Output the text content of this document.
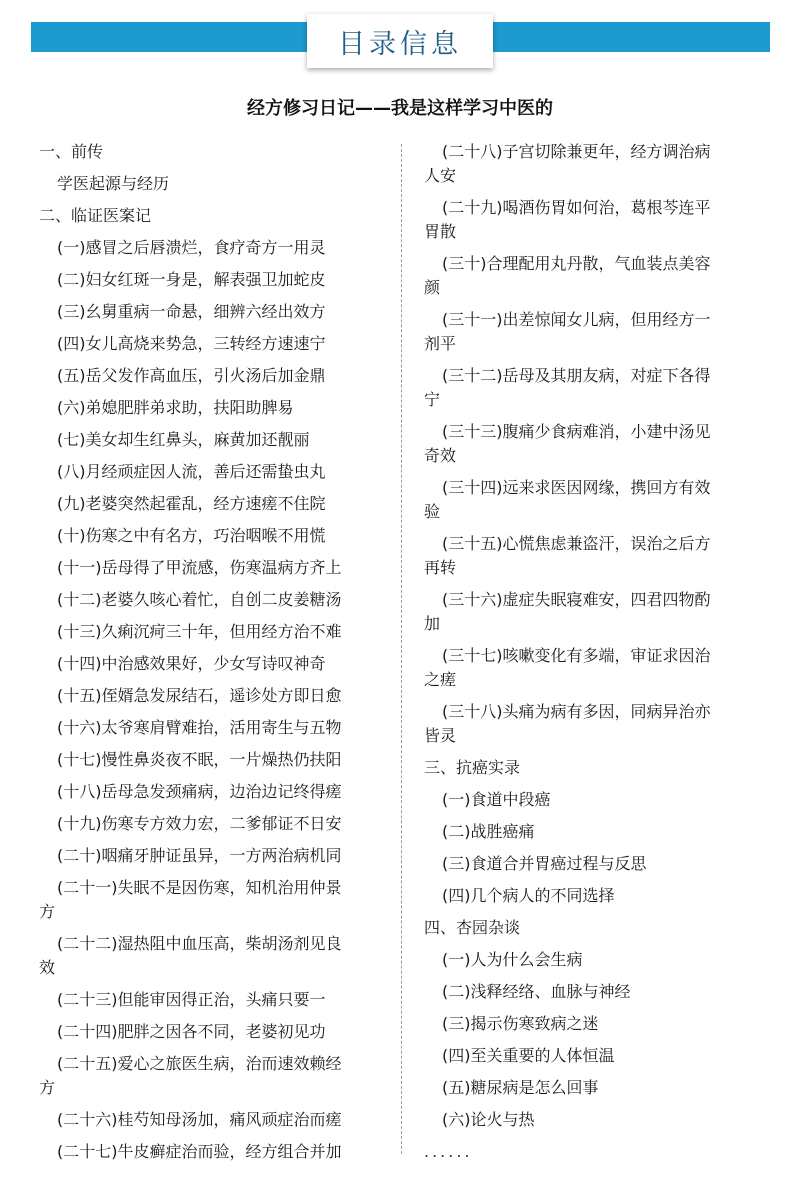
目录信息
经方修习日记——我是这样学习中医的
一、前传
学医起源与经历
二、临证医案记
(一)感冒之后唇溃烂，食疗奇方一用灵
(二)妇女红斑一身是，解表强卫加蛇皮
(三)幺舅重病一命悬，细辨六经出效方
(四)女儿高烧来势急，三转经方速速宁
(五)岳父发作高血压，引火汤后加金鼎
(六)弟媳肥胖弟求助，扶阳助脾易
(七)美女却生红鼻头，麻黄加还靓丽
(八)月经顽症因人流，善后还需蛰虫丸
(九)老婆突然起霍乱，经方速瘥不住院
(十)伤寒之中有名方，巧治咽喉不用慌
(十一)岳母得了甲流感，伤寒温病方齐上
(十二)老婆久咳心着忙，自创二皮姜糖汤
(十三)久痢沉疴三十年，但用经方治不难
(十四)中治感效果好，少女写诗叹神奇
(十五)侄婿急发尿结石，遥诊处方即日愈
(十六)太爷寒肩臂难抬，活用寄生与五物
(十七)慢性鼻炎夜不眠，一片燥热仍扶阳
(十八)岳母急发颈痛病，边治边记终得瘥
(十九)伤寒专方效力宏，二爹郁证不日安
(二十)咽痛牙肿证虽异，一方两治病机同
(二十一)失眠不是因伤寒，知机治用仲景
方
(二十二)湿热阻中血压高，柴胡汤剂见良
效
(二十三)但能审因得正治，头痛只要一
(二十四)肥胖之因各不同，老婆初见功
(二十五)爱心之旅医生病，治而速效赖经
方
(二十六)桂芍知母汤加，痛风顽症治而瘥
(二十七)牛皮癣症治而验，经方组合并加
(二十八)子宫切除兼更年，经方调治病
人安
(二十九)喝酒伤胃如何治，葛根芩连平
胃散
(三十)合理配用丸丹散，气血装点美容
颜
(三十一)出差惊闻女儿病，但用经方一
剂平
(三十二)岳母及其朋友病，对症下各得
宁
(三十三)腹痛少食病难消，小建中汤见
奇效
(三十四)远来求医因网缘，携回方有效
验
(三十五)心慌焦虑兼盗汗，误治之后方
再转
(三十六)虚症失眠寝难安，四君四物酌
加
(三十七)咳嗽变化有多端，审证求因治
之瘥
(三十八)头痛为病有多因，同病异治亦
皆灵
三、抗癌实录
(一)食道中段癌
(二)战胜癌痛
(三)食道合并胃癌过程与反思
(四)几个病人的不同选择
四、杏园杂谈
(一)人为什么会生病
(二)浅释经络、血脉与神经
(三)揭示伤寒致病之迷
(四)至关重要的人体恒温
(五)糖尿病是怎么回事
(六)论火与热
......
